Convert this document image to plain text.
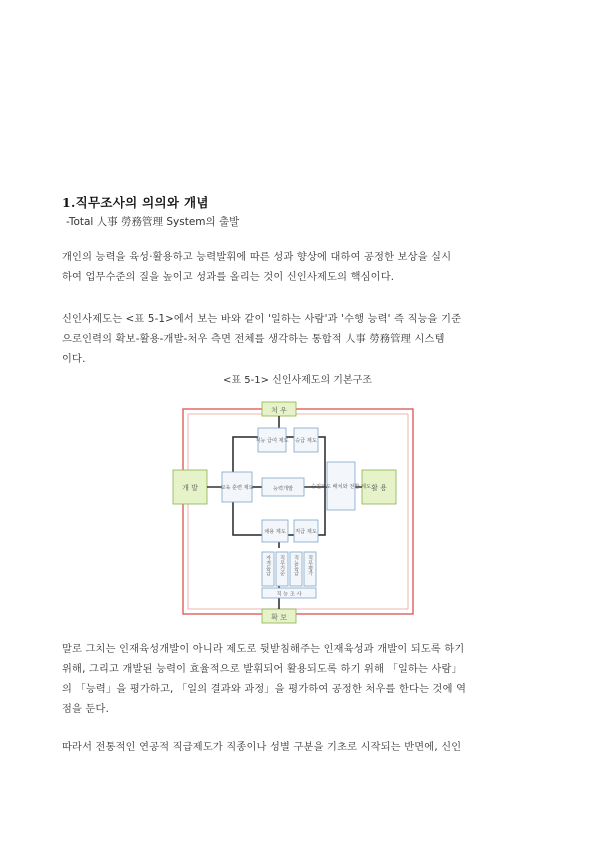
1.직무조사의 의의와 개념
-Total 人事 勞務管理 System의 출발

개인의 능력을 육성·활용하고 능력발휘에 따른 성과 향상에 대하여 공정한 보상을 실시

하여 업무수준의 질을 높이고 성과를 올리는 것이 신인사제도의 핵심이다.

신인사제도는 <표 5-1>에서 보는 바와 같이 '일하는 사람'과 '수행 능력' 즉 직능을 기준

으로인력의 확보-활용-개발-처우 측면 전체를 생각하는 통합적 人事 勞務管理 시스템

이다.

<표 5-1> 신인사제도의 기본구조
처 우
개 발	활 용
확 보
직능 급여 제도 승급 제도
교육 훈련 제도	능력개발	승진제도 배치와 전환 제도
채용 제도 직급 제도
직 능 조 사
자격등급 직무기준 직능등급 직무평가

말로 그치는 인재육성개발이 아니라 제도로 뒷받침해주는 인재육성과 개발이 되도록 하기

위해, 그리고 개발된 능력이 효율적으로 발휘되어 활용되도록 하기 위해 「일하는 사람」

의 「능력」을 평가하고, 「일의 결과와 과정」을 평가하여 공정한 처우를 한다는 것에 역

점을 둔다.

따라서 전통적인 연공적 직급제도가 직종이나 성별 구분을 기초로 시작되는 반면에, 신인
